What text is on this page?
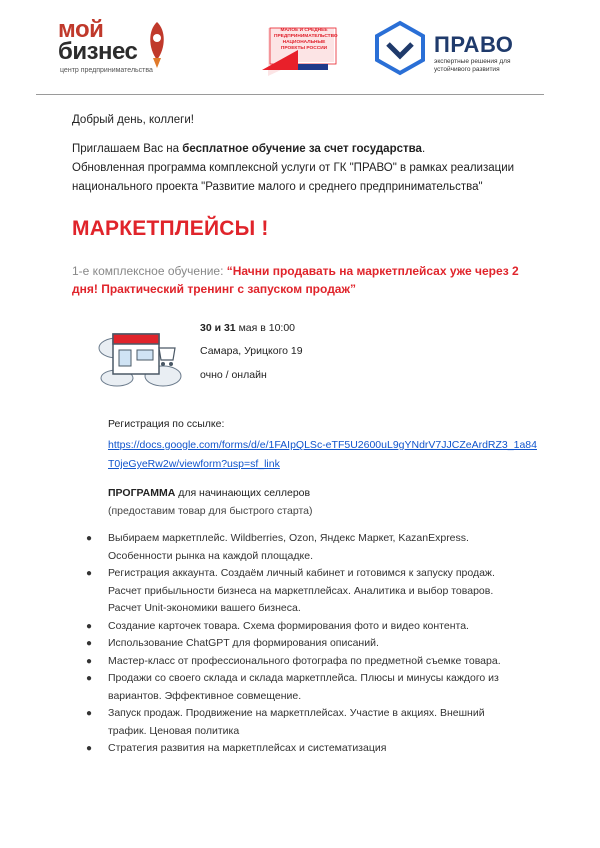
мой
бизнес
центр предпринимательства
МАЛОЕ И СРЕДНЕЕ ПРЕДПРИНИМАТЕЛЬСТВО НАЦИОНАЛЬНЫЕ ПРОЕКТЫ РОССИИ	ПРАВО
экспертные решения для устойчивого развития
Добрый день, коллеги!
Приглашаем Вас на бесплатное обучение за счет государства.
Обновленная программа комплексной услуги от ГК "ПРАВО" в рамках реализации
национального проекта "Развитие малого и среднего предпринимательства"
МАРКЕТПЛЕЙСЫ !
1-е комплексное обучение: “Начни продавать на маркетплейсах уже через 2 дня! Практический тренинг с запуском продаж”
30 и 31 мая в 10:00
Самара, Урицкого 19
очно / онлайн
Регистрация по ссылке:
https://docs.google.com/forms/d/e/1FAIpQLSc-eTF5U2600uL9gYNdrV7JJCZeArdRZ3_1a84T0jeGyeRw2w/viewform?usp=sf_link
ПРОГРАММА для начинающих селлеров
(предоставим товар для быстрого старта)
● Выбираем маркетплейс. Wildberries, Ozon, Яндекс Маркет, KazanExpress.
Особенности рынка на каждой площадке.
● Регистрация аккаунта. Создаём личный кабинет и готовимся к запуску продаж.
Расчет прибыльности бизнеса на маркетплейсах. Аналитика и выбор товаров.
Расчет Unit-экономики вашего бизнеса.
● Создание карточек товара. Схема формирования фото и видео контента.
● Использование ChatGPT для формирования описаний.
● Мастер-класс от профессионального фотографа по предметной съемке товара.
● Продажи со своего склада и склада маркетплейса. Плюсы и минусы каждого из
вариантов. Эффективное совмещение.
● Запуск продаж. Продвижение на маркетплейсах. Участие в акциях. Внешний
трафик. Ценовая политика
● Стратегия развития на маркетплейсах и систематизация
